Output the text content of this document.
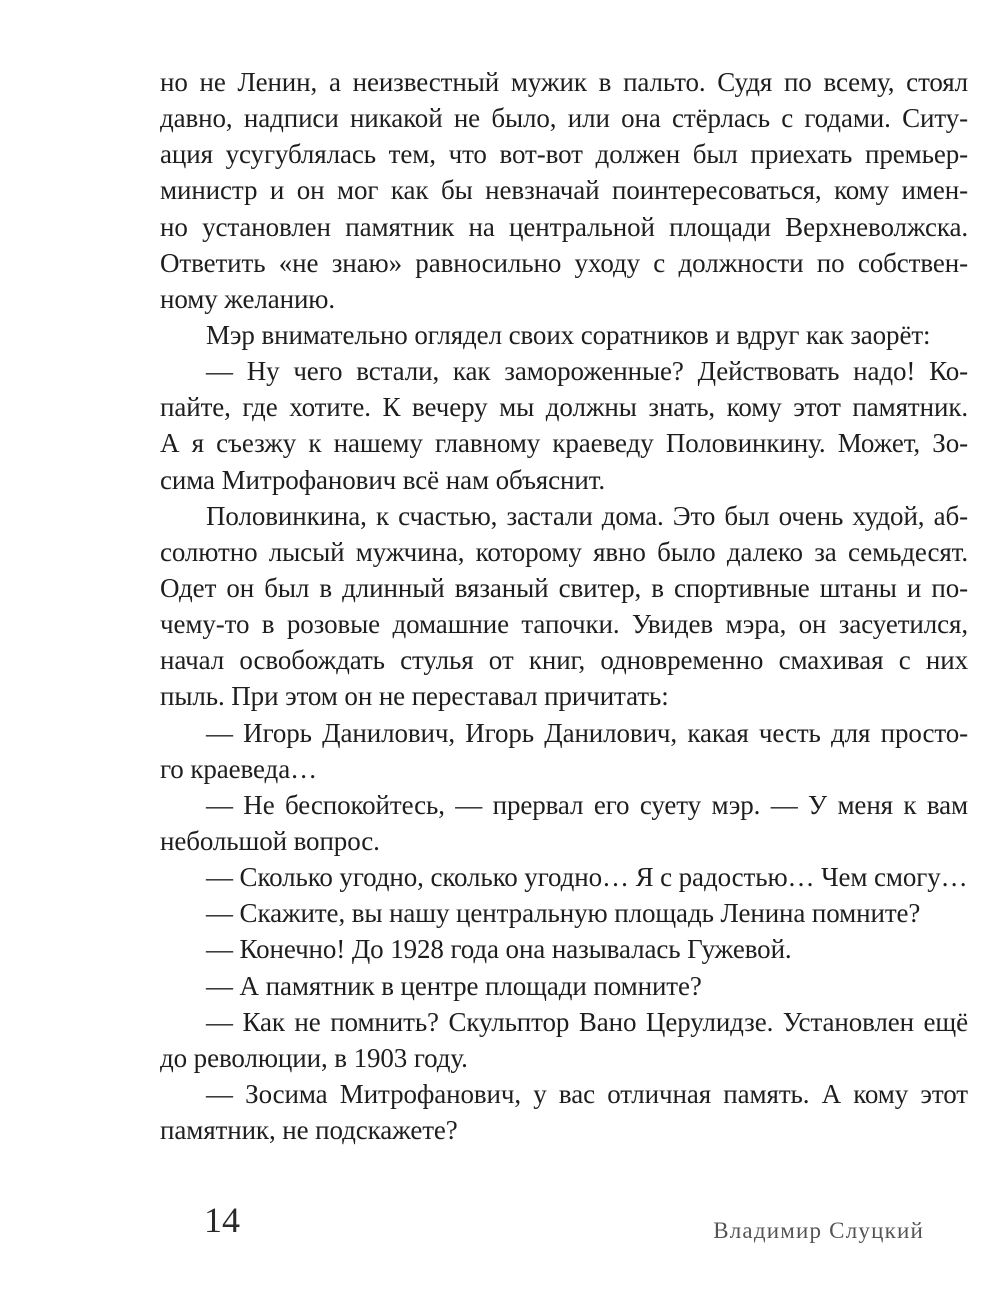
но не Ленин, а неизвестный мужик в пальто. Судя по всему, стоял
давно, надписи никакой не было, или она стёрлась с годами. Ситу-
ация усугублялась тем, что вот-вот должен был приехать премьер-
министр и он мог как бы невзначай поинтересоваться, кому имен-
но установлен памятник на центральной площади Верхневолжска.
Ответить «не знаю» равносильно уходу с должности по собствен-
ному желанию.
Мэр внимательно оглядел своих соратников и вдруг как заорёт:
— Ну чего встали, как замороженные? Действовать надо! Ко-
пайте, где хотите. К вечеру мы должны знать, кому этот памятник.
А я съезжу к нашему главному краеведу Половинкину. Может, Зо-
сима Митрофанович всё нам объяснит.
Половинкина, к счастью, застали дома. Это был очень худой, аб-
солютно лысый мужчина, которому явно было далеко за семьдесят.
Одет он был в длинный вязаный свитер, в спортивные штаны и по-
чему-то в розовые домашние тапочки. Увидев мэра, он засуетился,
начал освобождать стулья от книг, одновременно смахивая с них
пыль. При этом он не переставал причитать:
— Игорь Данилович, Игорь Данилович, какая честь для просто-
го краеведа…
— Не беспокойтесь, — прервал его суету мэр. — У меня к вам
небольшой вопрос.
— Сколько угодно, сколько угодно… Я с радостью… Чем смогу…
— Скажите, вы нашу центральную площадь Ленина помните?
— Конечно! До 1928 года она называлась Гужевой.
— А памятник в центре площади помните?
— Как не помнить? Скульптор Вано Церулидзе. Установлен ещё
до революции, в 1903 году.
— Зосима Митрофанович, у вас отличная память. А кому этот
памятник, не подскажете?
14	Владимир Слуцкий
